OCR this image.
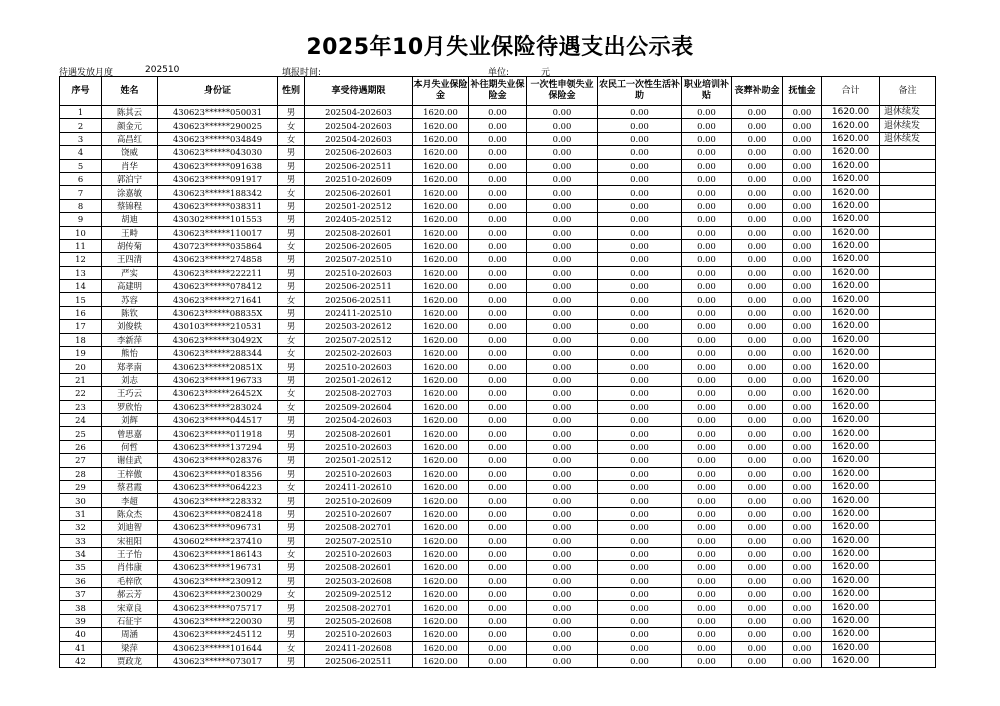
2025年10月失业保险待遇支出公示表
待遇发放月度	202510	填报时间:	单位:	元
序号	姓名	身份证	性别	享受待遇期限	本月失业保险金	补往期失业保险金	一次性申领失业保险金	农民工一次性生活补助	职业培训补贴	丧葬补助金	抚恤金	合计	备注
1	陈其云	430623******050031	男	202504-202603	1620.00	0.00	0.00	0.00	0.00	0.00	0.00	1620.00	退休续发
2	颜金元	430623******290025	女	202504-202603	1620.00	0.00	0.00	0.00	0.00	0.00	0.00	1620.00	退休续发
3	高昌红	430623******034849	女	202504-202603	1620.00	0.00	0.00	0.00	0.00	0.00	0.00	1620.00	退休续发
4	饶威	430623******043030	男	202506-202603	1620.00	0.00	0.00	0.00	0.00	0.00	0.00	1620.00	
5	肖华	430623******091638	男	202506-202511	1620.00	0.00	0.00	0.00	0.00	0.00	0.00	1620.00	
6	郭泊宁	430623******091917	男	202510-202609	1620.00	0.00	0.00	0.00	0.00	0.00	0.00	1620.00	
7	涂嘉敏	430623******188342	女	202506-202601	1620.00	0.00	0.00	0.00	0.00	0.00	0.00	1620.00	
8	蔡锦程	430623******038311	男	202501-202512	1620.00	0.00	0.00	0.00	0.00	0.00	0.00	1620.00	
9	胡迪	430302******101553	男	202405-202512	1620.00	0.00	0.00	0.00	0.00	0.00	0.00	1620.00	
10	王畤	430623******110017	男	202508-202601	1620.00	0.00	0.00	0.00	0.00	0.00	0.00	1620.00	
11	胡传菊	430723******035864	女	202506-202605	1620.00	0.00	0.00	0.00	0.00	0.00	0.00	1620.00	
12	王四清	430623******274858	男	202507-202510	1620.00	0.00	0.00	0.00	0.00	0.00	0.00	1620.00	
13	严实	430623******222211	男	202510-202603	1620.00	0.00	0.00	0.00	0.00	0.00	0.00	1620.00	
14	高建明	430623******078412	男	202506-202511	1620.00	0.00	0.00	0.00	0.00	0.00	0.00	1620.00	
15	苏容	430623******271641	女	202506-202511	1620.00	0.00	0.00	0.00	0.00	0.00	0.00	1620.00	
16	陈钦	430623******08835X	男	202411-202510	1620.00	0.00	0.00	0.00	0.00	0.00	0.00	1620.00	
17	刘俊轶	430103******210531	男	202503-202612	1620.00	0.00	0.00	0.00	0.00	0.00	0.00	1620.00	
18	李新萍	430623******30492X	女	202507-202512	1620.00	0.00	0.00	0.00	0.00	0.00	0.00	1620.00	
19	熊怡	430623******288344	女	202502-202603	1620.00	0.00	0.00	0.00	0.00	0.00	0.00	1620.00	
20	郑孝南	430623******20851X	男	202510-202603	1620.00	0.00	0.00	0.00	0.00	0.00	0.00	1620.00	
21	刘志	430623******196733	男	202501-202612	1620.00	0.00	0.00	0.00	0.00	0.00	0.00	1620.00	
22	王巧云	430623******26452X	女	202508-202703	1620.00	0.00	0.00	0.00	0.00	0.00	0.00	1620.00	
23	罗欣怡	430623******283024	女	202509-202604	1620.00	0.00	0.00	0.00	0.00	0.00	0.00	1620.00	
24	刘辉	430623******044517	男	202504-202603	1620.00	0.00	0.00	0.00	0.00	0.00	0.00	1620.00	
25	曾思嘉	430623******011918	男	202508-202601	1620.00	0.00	0.00	0.00	0.00	0.00	0.00	1620.00	
26	何哲	430623******137294	男	202510-202603	1620.00	0.00	0.00	0.00	0.00	0.00	0.00	1620.00	
27	谢佳武	430623******028376	男	202501-202512	1620.00	0.00	0.00	0.00	0.00	0.00	0.00	1620.00	
28	王梓傲	430623******018356	男	202510-202603	1620.00	0.00	0.00	0.00	0.00	0.00	0.00	1620.00	
29	蔡君霞	430623******064223	女	202411-202610	1620.00	0.00	0.00	0.00	0.00	0.00	0.00	1620.00	
30	李超	430623******228332	男	202510-202609	1620.00	0.00	0.00	0.00	0.00	0.00	0.00	1620.00	
31	陈众杰	430623******082418	男	202510-202607	1620.00	0.00	0.00	0.00	0.00	0.00	0.00	1620.00	
32	刘迪智	430623******096731	男	202508-202701	1620.00	0.00	0.00	0.00	0.00	0.00	0.00	1620.00	
33	宋祖阳	430602******237410	男	202507-202510	1620.00	0.00	0.00	0.00	0.00	0.00	0.00	1620.00	
34	王子怡	430623******186143	女	202510-202603	1620.00	0.00	0.00	0.00	0.00	0.00	0.00	1620.00	
35	肖伟康	430623******196731	男	202508-202601	1620.00	0.00	0.00	0.00	0.00	0.00	0.00	1620.00	
36	毛梓欣	430623******230912	男	202503-202608	1620.00	0.00	0.00	0.00	0.00	0.00	0.00	1620.00	
37	郝云芳	430623******230029	女	202509-202512	1620.00	0.00	0.00	0.00	0.00	0.00	0.00	1620.00	
38	宋章良	430623******075717	男	202508-202701	1620.00	0.00	0.00	0.00	0.00	0.00	0.00	1620.00	
39	石征宇	430623******220030	男	202505-202608	1620.00	0.00	0.00	0.00	0.00	0.00	0.00	1620.00	
40	周涵	430623******245112	男	202510-202603	1620.00	0.00	0.00	0.00	0.00	0.00	0.00	1620.00	
41	梁萍	430623******101644	女	202411-202608	1620.00	0.00	0.00	0.00	0.00	0.00	0.00	1620.00	
42	贾政龙	430623******073017	男	202506-202511	1620.00	0.00	0.00	0.00	0.00	0.00	0.00	1620.00	
